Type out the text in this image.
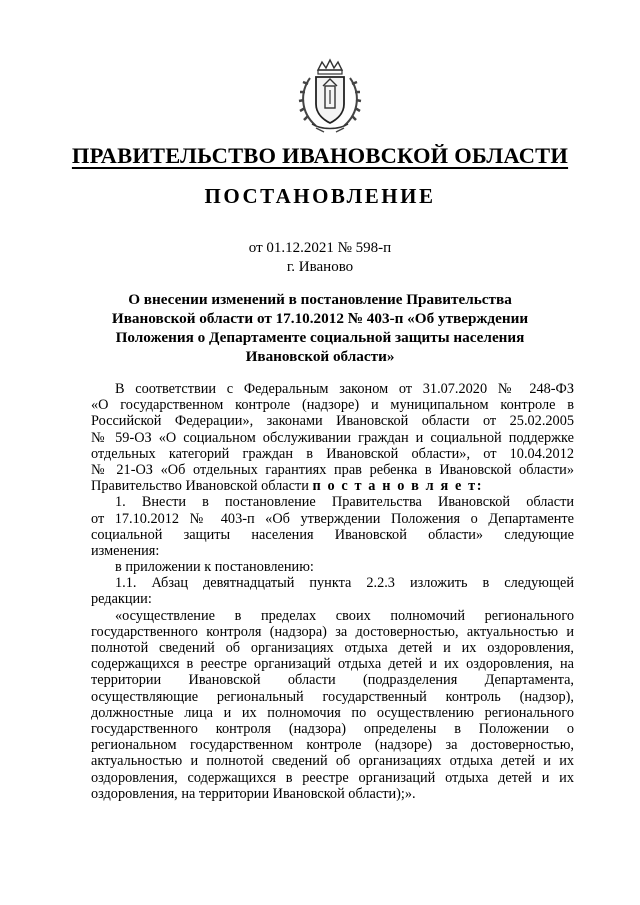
ПРАВИТЕЛЬСТВО ИВАНОВСКОЙ ОБЛАСТИ
ПОСТАНОВЛЕНИЕ
от 01.12.2021 № 598-п
г. Иваново
О внесении изменений в постановление Правительства
Ивановской области от 17.10.2012 № 403-п «Об утверждении
Положения о Департаменте социальной защиты населения
Ивановской области»
В соответствии с Федеральным законом от 31.07.2020 № 248-ФЗ
«О государственном контроле (надзоре) и муниципальном контроле в
Российской Федерации», законами Ивановской области от 25.02.2005
№ 59-ОЗ «О социальном обслуживании граждан и социальной поддержке
отдельных категорий граждан в Ивановской области», от 10.04.2012
№ 21-ОЗ «Об отдельных гарантиях прав ребенка в Ивановской области»
Правительство Ивановской области п о с т а н о в л я е т:
1. Внести в постановление Правительства Ивановской области
от 17.10.2012 № 403-п «Об утверждении Положения о Департаменте
социальной защиты населения Ивановской области» следующие
изменения:
в приложении к постановлению:
1.1. Абзац девятнадцатый пункта 2.2.3 изложить в следующей
редакции:
«осуществление в пределах своих полномочий регионального
государственного контроля (надзора) за достоверностью, актуальностью и
полнотой сведений об организациях отдыха детей и их оздоровления,
содержащихся в реестре организаций отдыха детей и их оздоровления, на
территории Ивановской области (подразделения Департамента,
осуществляющие региональный государственный контроль (надзор),
должностные лица и их полномочия по осуществлению регионального
государственного контроля (надзора) определены в Положении о
региональном государственном контроле (надзоре) за достоверностью,
актуальностью и полнотой сведений об организациях отдыха детей и их
оздоровления, содержащихся в реестре организаций отдыха детей и их
оздоровления, на территории Ивановской области);».
